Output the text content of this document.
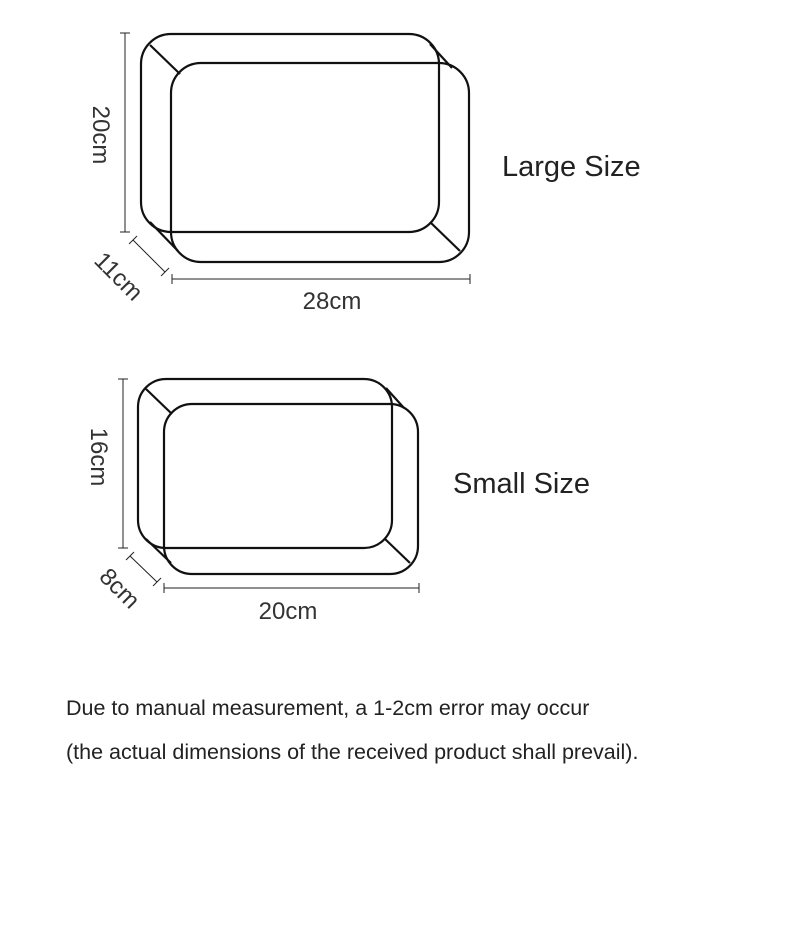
20cm
11cm	28cm
Large Size
16cm
8cm	20cm
Small Size

Due to manual measurement, a 1-2cm error may occur

(the actual dimensions of the received product shall prevail).
